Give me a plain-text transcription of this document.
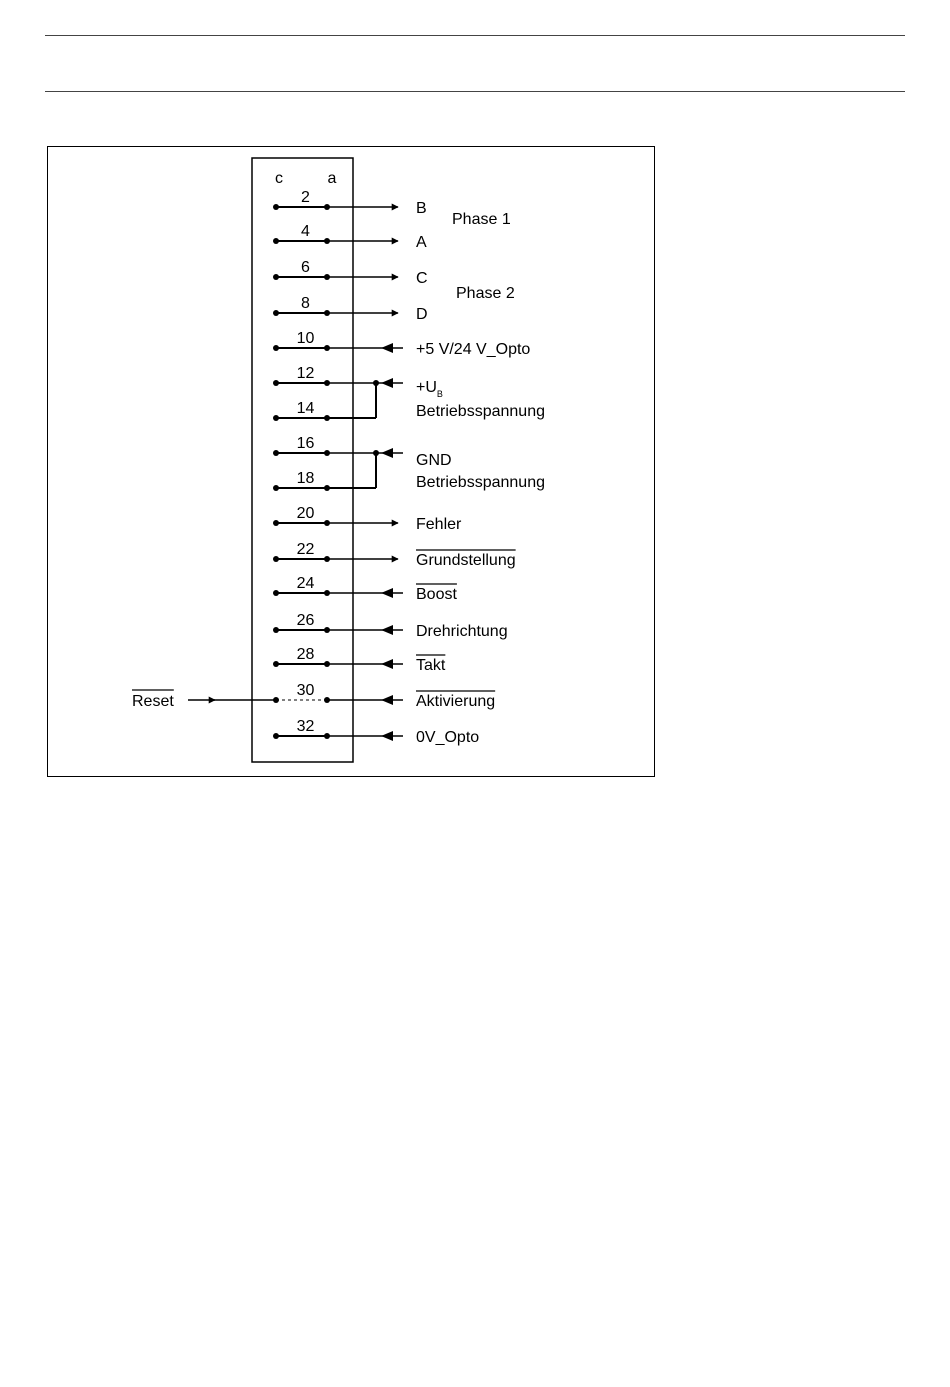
c	a
2
B
4
A
6
C
8
D
10
+5 V/24 V_Opto
12
14
16
18
20
Fehler
22
Grundstellung
24
Boost
26
Drehrichtung
28
Takt
30
Aktivierung
32
0V_Opto
Phase 1
Phase 2
$+U_B$
Betriebsspannung
GND
Betriebsspannung
Reset
